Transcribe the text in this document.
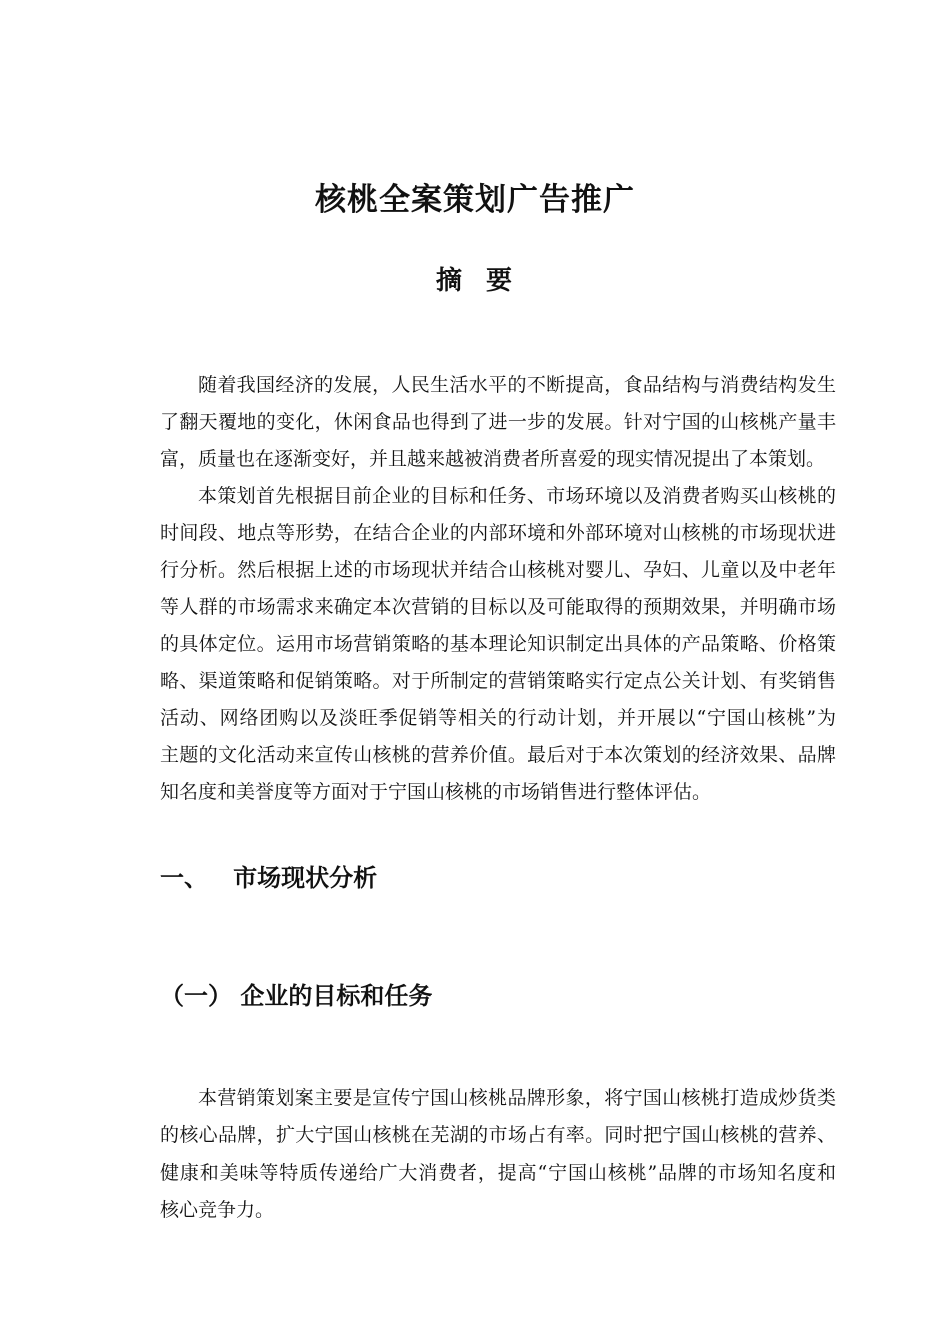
核桃全案策划广告推广
摘  要
随着我国经济的发展，人民生活水平的不断提高，食品结构与消费结构发生
了翻天覆地的变化，休闲食品也得到了进一步的发展。针对宁国的山核桃产量丰
富，质量也在逐渐变好，并且越来越被消费者所喜爱的现实情况提出了本策划。
本策划首先根据目前企业的目标和任务、市场环境以及消费者购买山核桃的
时间段、地点等形势，在结合企业的内部环境和外部环境对山核桃的市场现状进
行分析。然后根据上述的市场现状并结合山核桃对婴儿、孕妇、儿童以及中老年
等人群的市场需求来确定本次营销的目标以及可能取得的预期效果，并明确市场
的具体定位。运用市场营销策略的基本理论知识制定出具体的产品策略、价格策
略、渠道策略和促销策略。对于所制定的营销策略实行定点公关计划、有奖销售
活动、网络团购以及淡旺季促销等相关的行动计划，并开展以“宁国山核桃”为
主题的文化活动来宣传山核桃的营养价值。最后对于本次策划的经济效果、品牌
知名度和美誉度等方面对于宁国山核桃的市场销售进行整体评估。
一、   市场现状分析
（一） 企业的目标和任务
本营销策划案主要是宣传宁国山核桃品牌形象，将宁国山核桃打造成炒货类
的核心品牌，扩大宁国山核桃在芜湖的市场占有率。同时把宁国山核桃的营养、
健康和美味等特质传递给广大消费者，提高“宁国山核桃”品牌的市场知名度和
核心竞争力。
